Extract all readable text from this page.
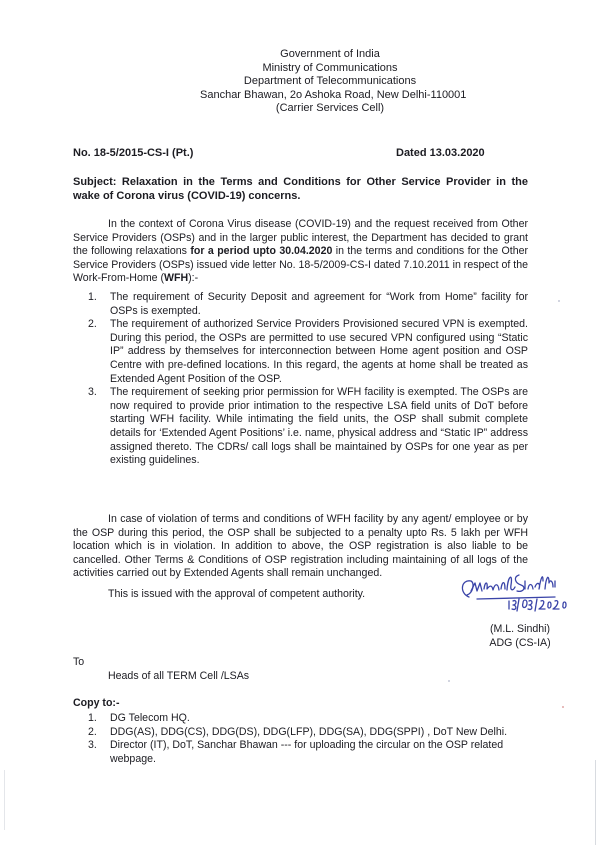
Government of India
Ministry of Communications
Department of Telecommunications
Sanchar Bhawan, 2o Ashoka Road, New Delhi-110001
(Carrier Services Cell)
No. 18-5/2015-CS-I (Pt.)	Dated 13.03.2020
Subject: Relaxation in the Terms and Conditions for Other Service Provider in the wake of Corona virus (COVID-19) concerns.
In the context of Corona Virus disease (COVID-19) and the request received from Other Service Providers (OSPs) and in the larger public interest, the Department has decided to grant the following relaxations for a period upto 30.04.2020 in the terms and conditions for the Other Service Providers (OSPs) issued vide letter No. 18-5/2009-CS-I dated 7.10.2011 in respect of the Work-From-Home (WFH):-
1. The requirement of Security Deposit and agreement for “Work from Home” facility for OSPs is exempted.
2. The requirement of authorized Service Providers Provisioned secured VPN is exempted. During this period, the OSPs are permitted to use secured VPN configured using “Static IP” address by themselves for interconnection between Home agent position and OSP Centre with pre-defined locations. In this regard, the agents at home shall be treated as Extended Agent Position of the OSP.
3. The requirement of seeking prior permission for WFH facility is exempted. The OSPs are now required to provide prior intimation to the respective LSA field units of DoT before starting WFH facility. While intimating the field units, the OSP shall submit complete details for ‘Extended Agent Positions’ i.e. name, physical address and “Static IP” address assigned thereto. The CDRs/ call logs shall be maintained by OSPs for one year as per existing guidelines.
In case of violation of terms and conditions of WFH facility by any agent/ employee or by the OSP during this period, the OSP shall be subjected to a penalty upto Rs. 5 lakh per WFH location which is in violation. In addition to above, the OSP registration is also liable to be cancelled. Other Terms & Conditions of OSP registration including maintaining of all logs of the activities carried out by Extended Agents shall remain unchanged.
This is issued with the approval of competent authority.
(M.L. Sindhi)
ADG (CS-IA)
To
Heads of all TERM Cell /LSAs
Copy to:-
1. DG Telecom HQ.
2. DDG(AS), DDG(CS), DDG(DS), DDG(LFP), DDG(SA), DDG(SPPI) , DoT New Delhi.
3. Director (IT), DoT, Sanchar Bhawan --- for uploading the circular on the OSP related webpage.
